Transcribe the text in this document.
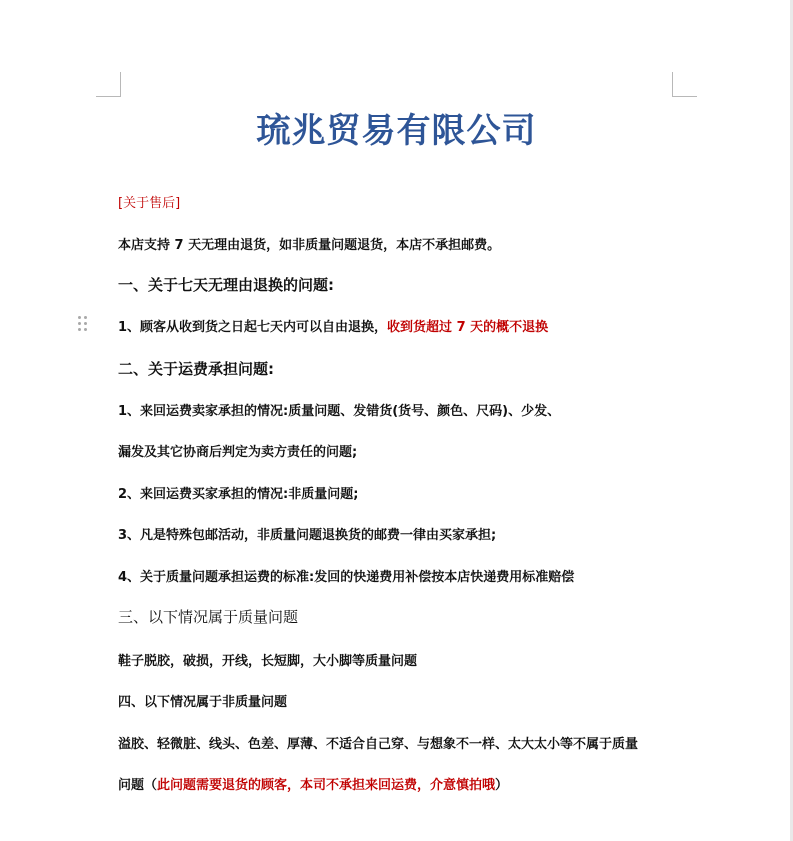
琉兆贸易有限公司
[关于售后]
本店支持 7 天无理由退货，如非质量问题退货，本店不承担邮费。
一、关于七天无理由退换的问题:
1、顾客从收到货之日起七天内可以自由退换，收到货超过 7 天的概不退换
二、关于运费承担问题:
1、来回运费卖家承担的情况:质量问题、发错货(货号、颜色、尺码)、少发、
漏发及其它协商后判定为卖方责任的问题;
2、来回运费买家承担的情况:非质量问题;
3、凡是特殊包邮活动，非质量问题退换货的邮费一律由买家承担;
4、关于质量问题承担运费的标准:发回的快递费用补偿按本店快递费用标准赔偿
三、以下情况属于质量问题
鞋子脱胶，破损，开线，长短脚，大小脚等质量问题
四、以下情况属于非质量问题
溢胶、轻微脏、线头、色差、厚薄、不适合自己穿、与想象不一样、太大太小等不属于质量
问题（此问题需要退货的顾客，本司不承担来回运费，介意慎拍哦）
